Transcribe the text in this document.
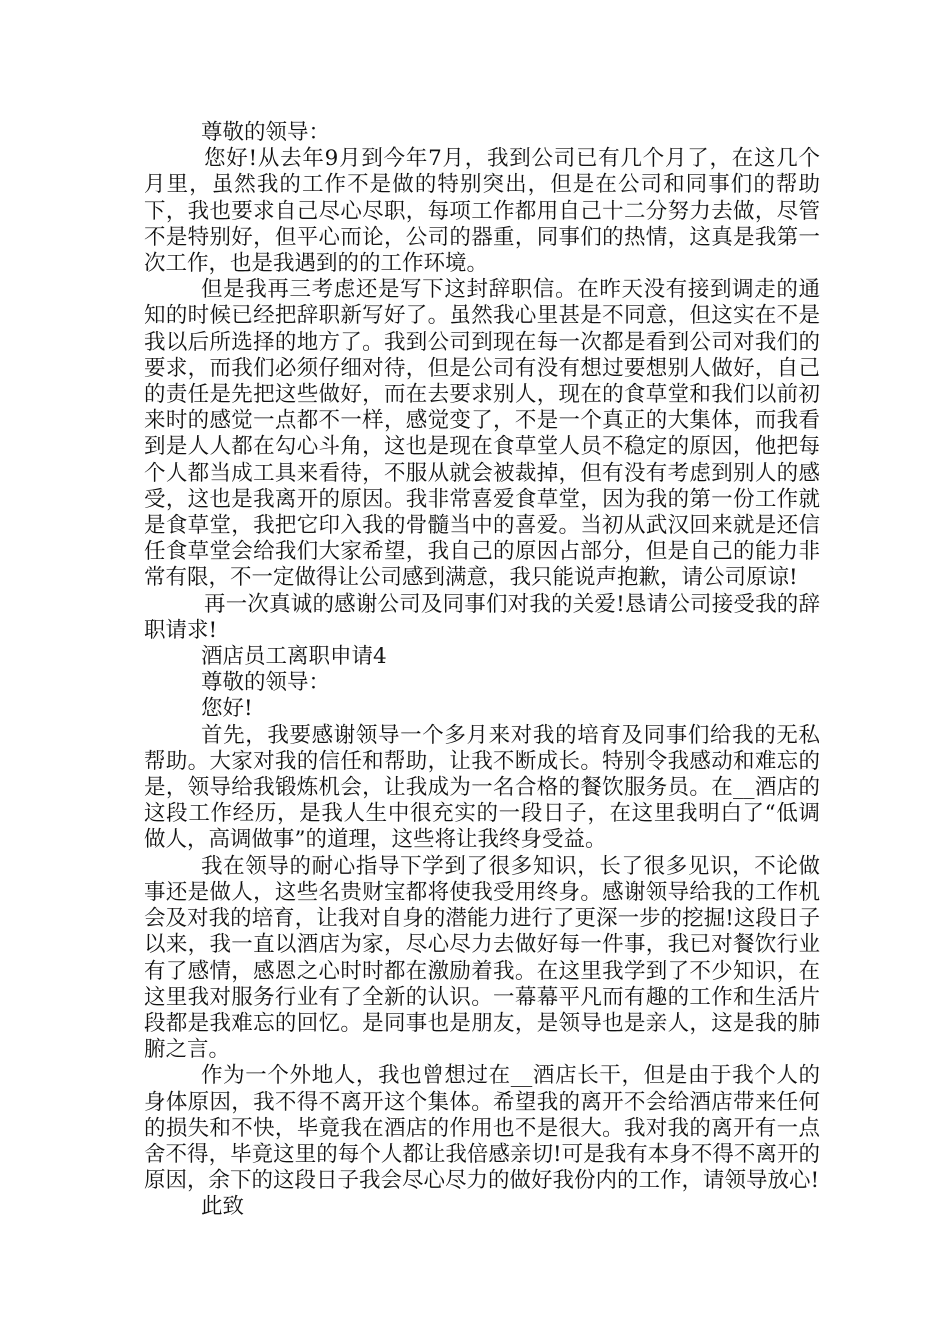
尊敬的领导：

您好!从去年9月到今年7月，我到公司已有几个月了，在这几个月里，虽然我的工作不是做的特别突出，但是在公司和同事们的帮助下，我也要求自己尽心尽职，每项工作都用自己十二分努力去做，尽管不是特别好，但平心而论，公司的器重，同事们的热情，这真是我第一次工作，也是我遇到的的工作环境。

但是我再三考虑还是写下这封辞职信。在昨天没有接到调走的通知的时候已经把辞职新写好了。虽然我心里甚是不同意，但这实在不是我以后所选择的地方了。我到公司到现在每一次都是看到公司对我们的要求，而我们必须仔细对待，但是公司有没有想过要想别人做好，自己的责任是先把这些做好，而在去要求别人，现在的食草堂和我们以前初来时的感觉一点都不一样，感觉变了，不是一个真正的大集体，而我看到是人人都在勾心斗角，这也是现在食草堂人员不稳定的原因，他把每个人都当成工具来看待，不服从就会被裁掉，但有没有考虑到别人的感受，这也是我离开的原因。我非常喜爱食草堂，因为我的第一份工作就是食草堂，我把它印入我的骨髓当中的喜爱。当初从武汉回来就是还信任食草堂会给我们大家希望，我自己的原因占部分，但是自己的能力非常有限，不一定做得让公司感到满意，我只能说声抱歉，请公司原谅!

再一次真诚的感谢公司及同事们对我的关爱!恳请公司接受我的辞职请求!

酒店员工离职申请4

尊敬的领导：

您好!

首先，我要感谢领导一个多月来对我的培育及同事们给我的无私帮助。大家对我的信任和帮助，让我不断成长。特别令我感动和难忘的是，领导给我锻炼机会，让我成为一名合格的餐饮服务员。在__酒店的这段工作经历，是我人生中很充实的一段日子，在这里我明白了“低调做人，高调做事”的道理，这些将让我终身受益。

我在领导的耐心指导下学到了很多知识，长了很多见识，不论做事还是做人，这些名贵财宝都将使我受用终身。感谢领导给我的工作机会及对我的培育，让我对自身的潜能力进行了更深一步的挖掘!这段日子以来，我一直以酒店为家，尽心尽力去做好每一件事，我已对餐饮行业有了感情，感恩之心时时都在激励着我。在这里我学到了不少知识，在这里我对服务行业有了全新的认识。一幕幕平凡而有趣的工作和生活片段都是我难忘的回忆。是同事也是朋友，是领导也是亲人，这是我的肺腑之言。

作为一个外地人，我也曾想过在__酒店长干，但是由于我个人的身体原因，我不得不离开这个集体。希望我的离开不会给酒店带来任何的损失和不快，毕竟我在酒店的作用也不是很大。我对我的离开有一点舍不得，毕竟这里的每个人都让我倍感亲切!可是我有本身不得不离开的原因，余下的这段日子我会尽心尽力的做好我份内的工作，请领导放心!

此致
